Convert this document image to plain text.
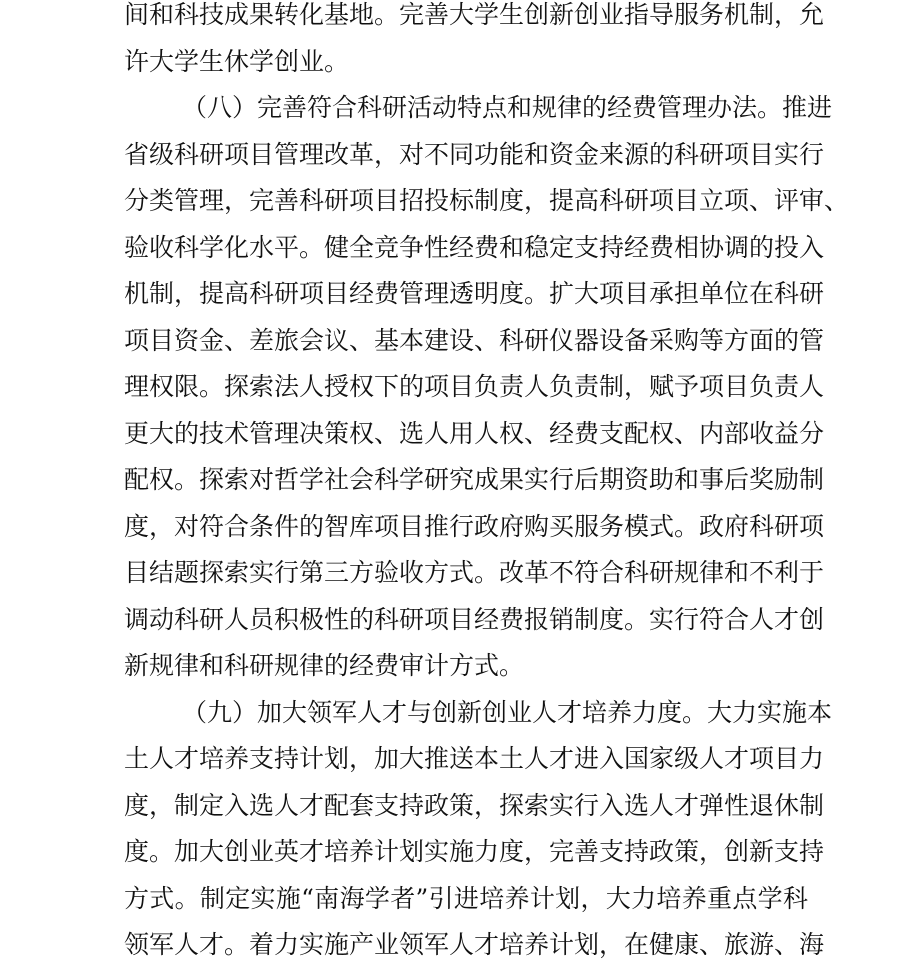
间和科技成果转化基地。完善大学生创新创业指导服务机制，允
许大学生休学创业。
（八）完善符合科研活动特点和规律的经费管理办法。推进
省级科研项目管理改革，对不同功能和资金来源的科研项目实行
分类管理，完善科研项目招投标制度，提高科研项目立项、评审、
验收科学化水平。健全竞争性经费和稳定支持经费相协调的投入
机制，提高科研项目经费管理透明度。扩大项目承担单位在科研
项目资金、差旅会议、基本建设、科研仪器设备采购等方面的管
理权限。探索法人授权下的项目负责人负责制，赋予项目负责人
更大的技术管理决策权、选人用人权、经费支配权、内部收益分
配权。探索对哲学社会科学研究成果实行后期资助和事后奖励制
度，对符合条件的智库项目推行政府购买服务模式。政府科研项
目结题探索实行第三方验收方式。改革不符合科研规律和不利于
调动科研人员积极性的科研项目经费报销制度。实行符合人才创
新规律和科研规律的经费审计方式。
（九）加大领军人才与创新创业人才培养力度。大力实施本
土人才培养支持计划，加大推送本土人才进入国家级人才项目力
度，制定入选人才配套支持政策，探索实行入选人才弹性退休制
度。加大创业英才培养计划实施力度，完善支持政策，创新支持
方式。制定实施“南海学者”引进培养计划，大力培养重点学科
领军人才。着力实施产业领军人才培养计划，在健康、旅游、海
